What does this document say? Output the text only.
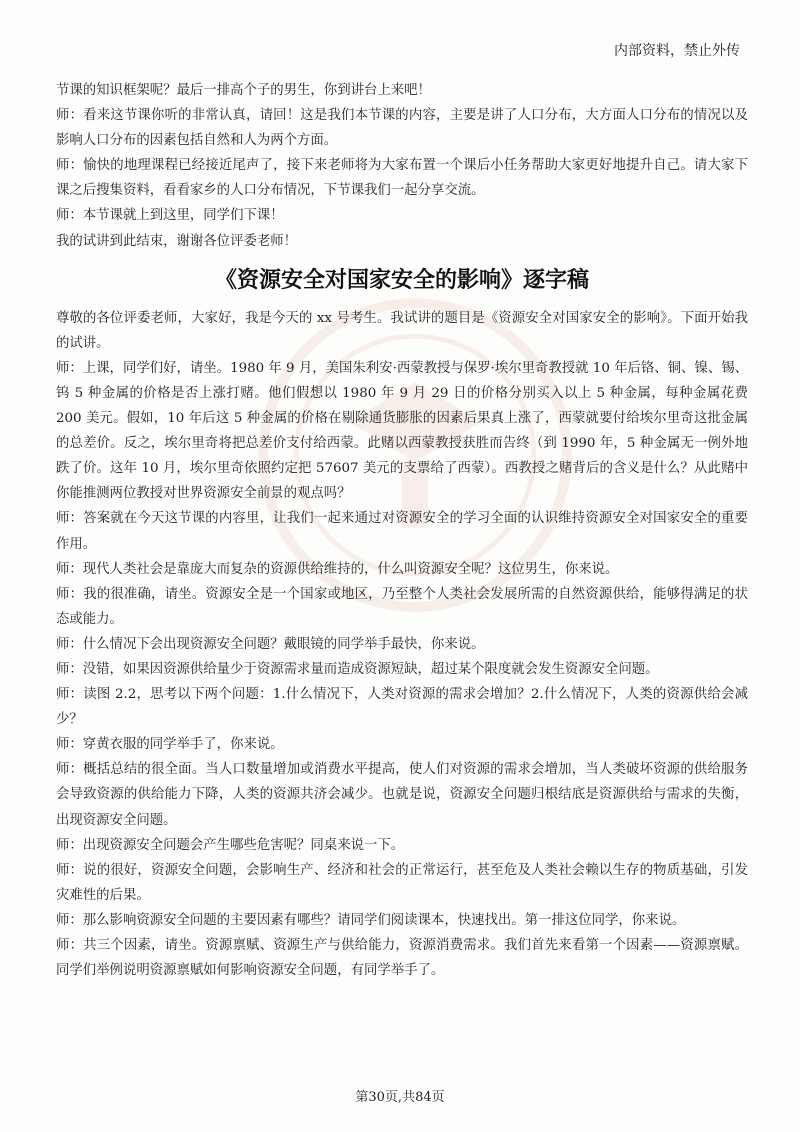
内部资料，禁止外传

节课的知识框架呢？最后一排高个子的男生，你到讲台上来吧！

师：看来这节课你听的非常认真，请回！这是我们本节课的内容，主要是讲了人口分布，大方面人口分布的情况以及影响人口分布的因素包括自然和人为两个方面。

师：愉快的地理课程已经接近尾声了，接下来老师将为大家布置一个课后小任务帮助大家更好地提升自己。请大家下课之后搜集资料，看看家乡的人口分布情况，下节课我们一起分享交流。

师：本节课就上到这里，同学们下课！

我的试讲到此结束，谢谢各位评委老师！

《资源安全对国家安全的影响》逐字稿

尊敬的各位评委老师，大家好，我是今天的 xx 号考生。我试讲的题目是《资源安全对国家安全的影响》。下面开始我的试讲。

师：上课，同学们好，请坐。1980 年 9 月，美国朱利安·西蒙教授与保罗·埃尔里奇教授就 10 年后铬、铜、镍、锡、钨 5 种金属的价格是否上涨打赌。他们假想以 1980 年 9 月 29 日的价格分别买入以上 5 种金属，每种金属花费 200 美元。假如，10 年后这 5 种金属的价格在剔除通货膨胀的因素后果真上涨了，西蒙就要付给埃尔里奇这批金属的总差价。反之，埃尔里奇将把总差价支付给西蒙。此赌以西蒙教授获胜而告终（到 1990 年，5 种金属无一例外地跌了价。这年 10 月，埃尔里奇依照约定把 57607 美元的支票给了西蒙）。西教授之赌背后的含义是什么？从此赌中你能推测两位教授对世界资源安全前景的观点吗？

师：答案就在今天这节课的内容里，让我们一起来通过对资源安全的学习全面的认识维持资源安全对国家安全的重要作用。

师：现代人类社会是靠庞大而复杂的资源供给维持的，什么叫资源安全呢？这位男生，你来说。

师：我的很准确，请坐。资源安全是一个国家或地区，乃至整个人类社会发展所需的自然资源供给，能够得满足的状态或能力。

师：什么情况下会出现资源安全问题？戴眼镜的同学举手最快，你来说。

师：没错，如果因资源供给量少于资源需求量而造成资源短缺，超过某个限度就会发生资源安全问题。

师：读图 2.2，思考以下两个问题：1.什么情况下，人类对资源的需求会增加？2.什么情况下，人类的资源供给会减少？

师：穿黄衣服的同学举手了，你来说。

师：概括总结的很全面。当人口数量增加或消费水平提高，使人们对资源的需求会增加，当人类破坏资源的供给服务会导致资源的供给能力下降，人类的资源共济会减少。也就是说，资源安全问题归根结底是资源供给与需求的失衡，出现资源安全问题。

师：出现资源安全问题会产生哪些危害呢？同桌来说一下。

师：说的很好，资源安全问题，会影响生产、经济和社会的正常运行，甚至危及人类社会赖以生存的物质基础，引发灾难性的后果。

师：那么影响资源安全问题的主要因素有哪些？请同学们阅读课本，快速找出。第一排这位同学，你来说。

师：共三个因素，请坐。资源禀赋、资源生产与供给能力，资源消费需求。我们首先来看第一个因素——资源禀赋。同学们举例说明资源禀赋如何影响资源安全问题，有同学举手了。

第30页,共84页
